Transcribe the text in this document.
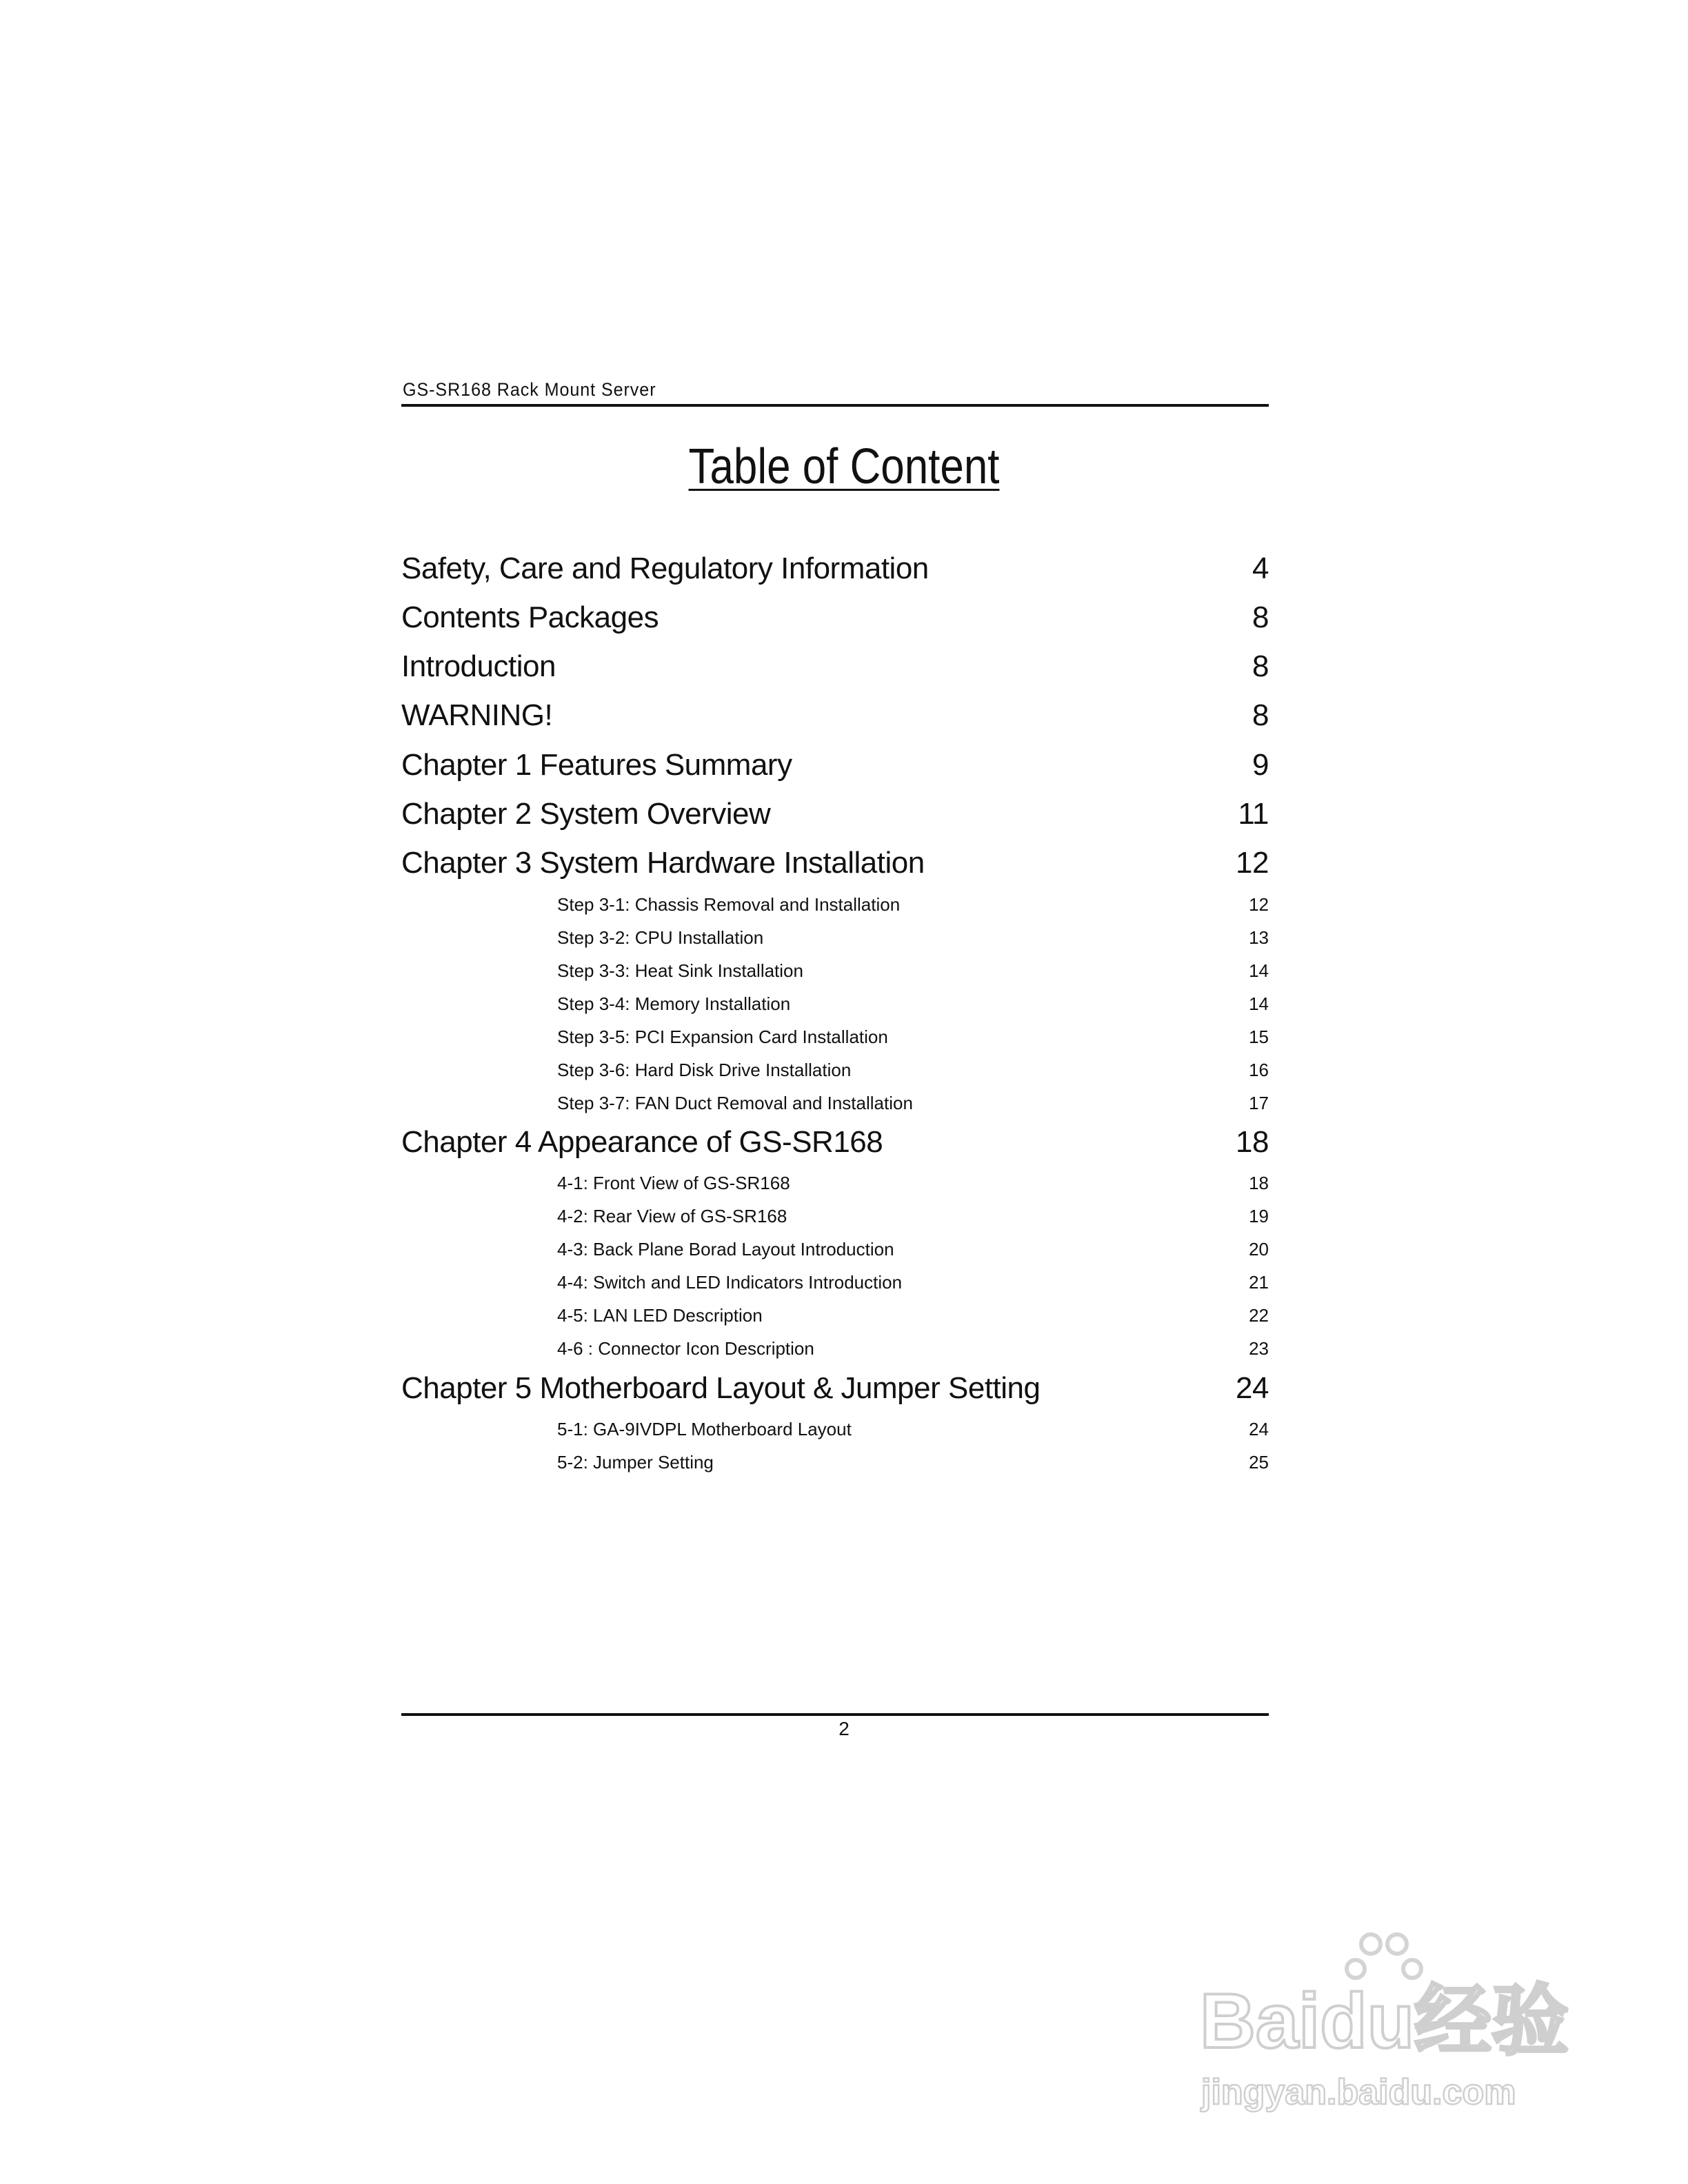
GS-SR168 Rack Mount Server
Table of Content
Safety, Care and Regulatory Information	4
Contents Packages	8
Introduction	8
WARNING!	8
Chapter 1 Features Summary	9
Chapter 2 System Overview	11
Chapter 3 System Hardware Installation	12
Step 3-1: Chassis Removal and Installation	12
Step 3-2: CPU Installation	13
Step 3-3: Heat Sink Installation	14
Step 3-4: Memory Installation	14
Step 3-5: PCI Expansion Card Installation	15
Step 3-6: Hard Disk Drive Installation	16
Step 3-7: FAN Duct Removal and Installation	17
Chapter 4 Appearance of GS-SR168	18
4-1: Front View of GS-SR168	18
4-2: Rear View of GS-SR168	19
4-3: Back Plane Borad Layout Introduction	20
4-4: Switch and LED Indicators Introduction	21
4-5: LAN LED Description	22
4-6 : Connector Icon Description	23
Chapter 5 Motherboard Layout & Jumper Setting	24
5-1: GA-9IVDPL Motherboard Layout	24
5-2: Jumper Setting	25
2
Baidu经验
jingyan.baidu.com
